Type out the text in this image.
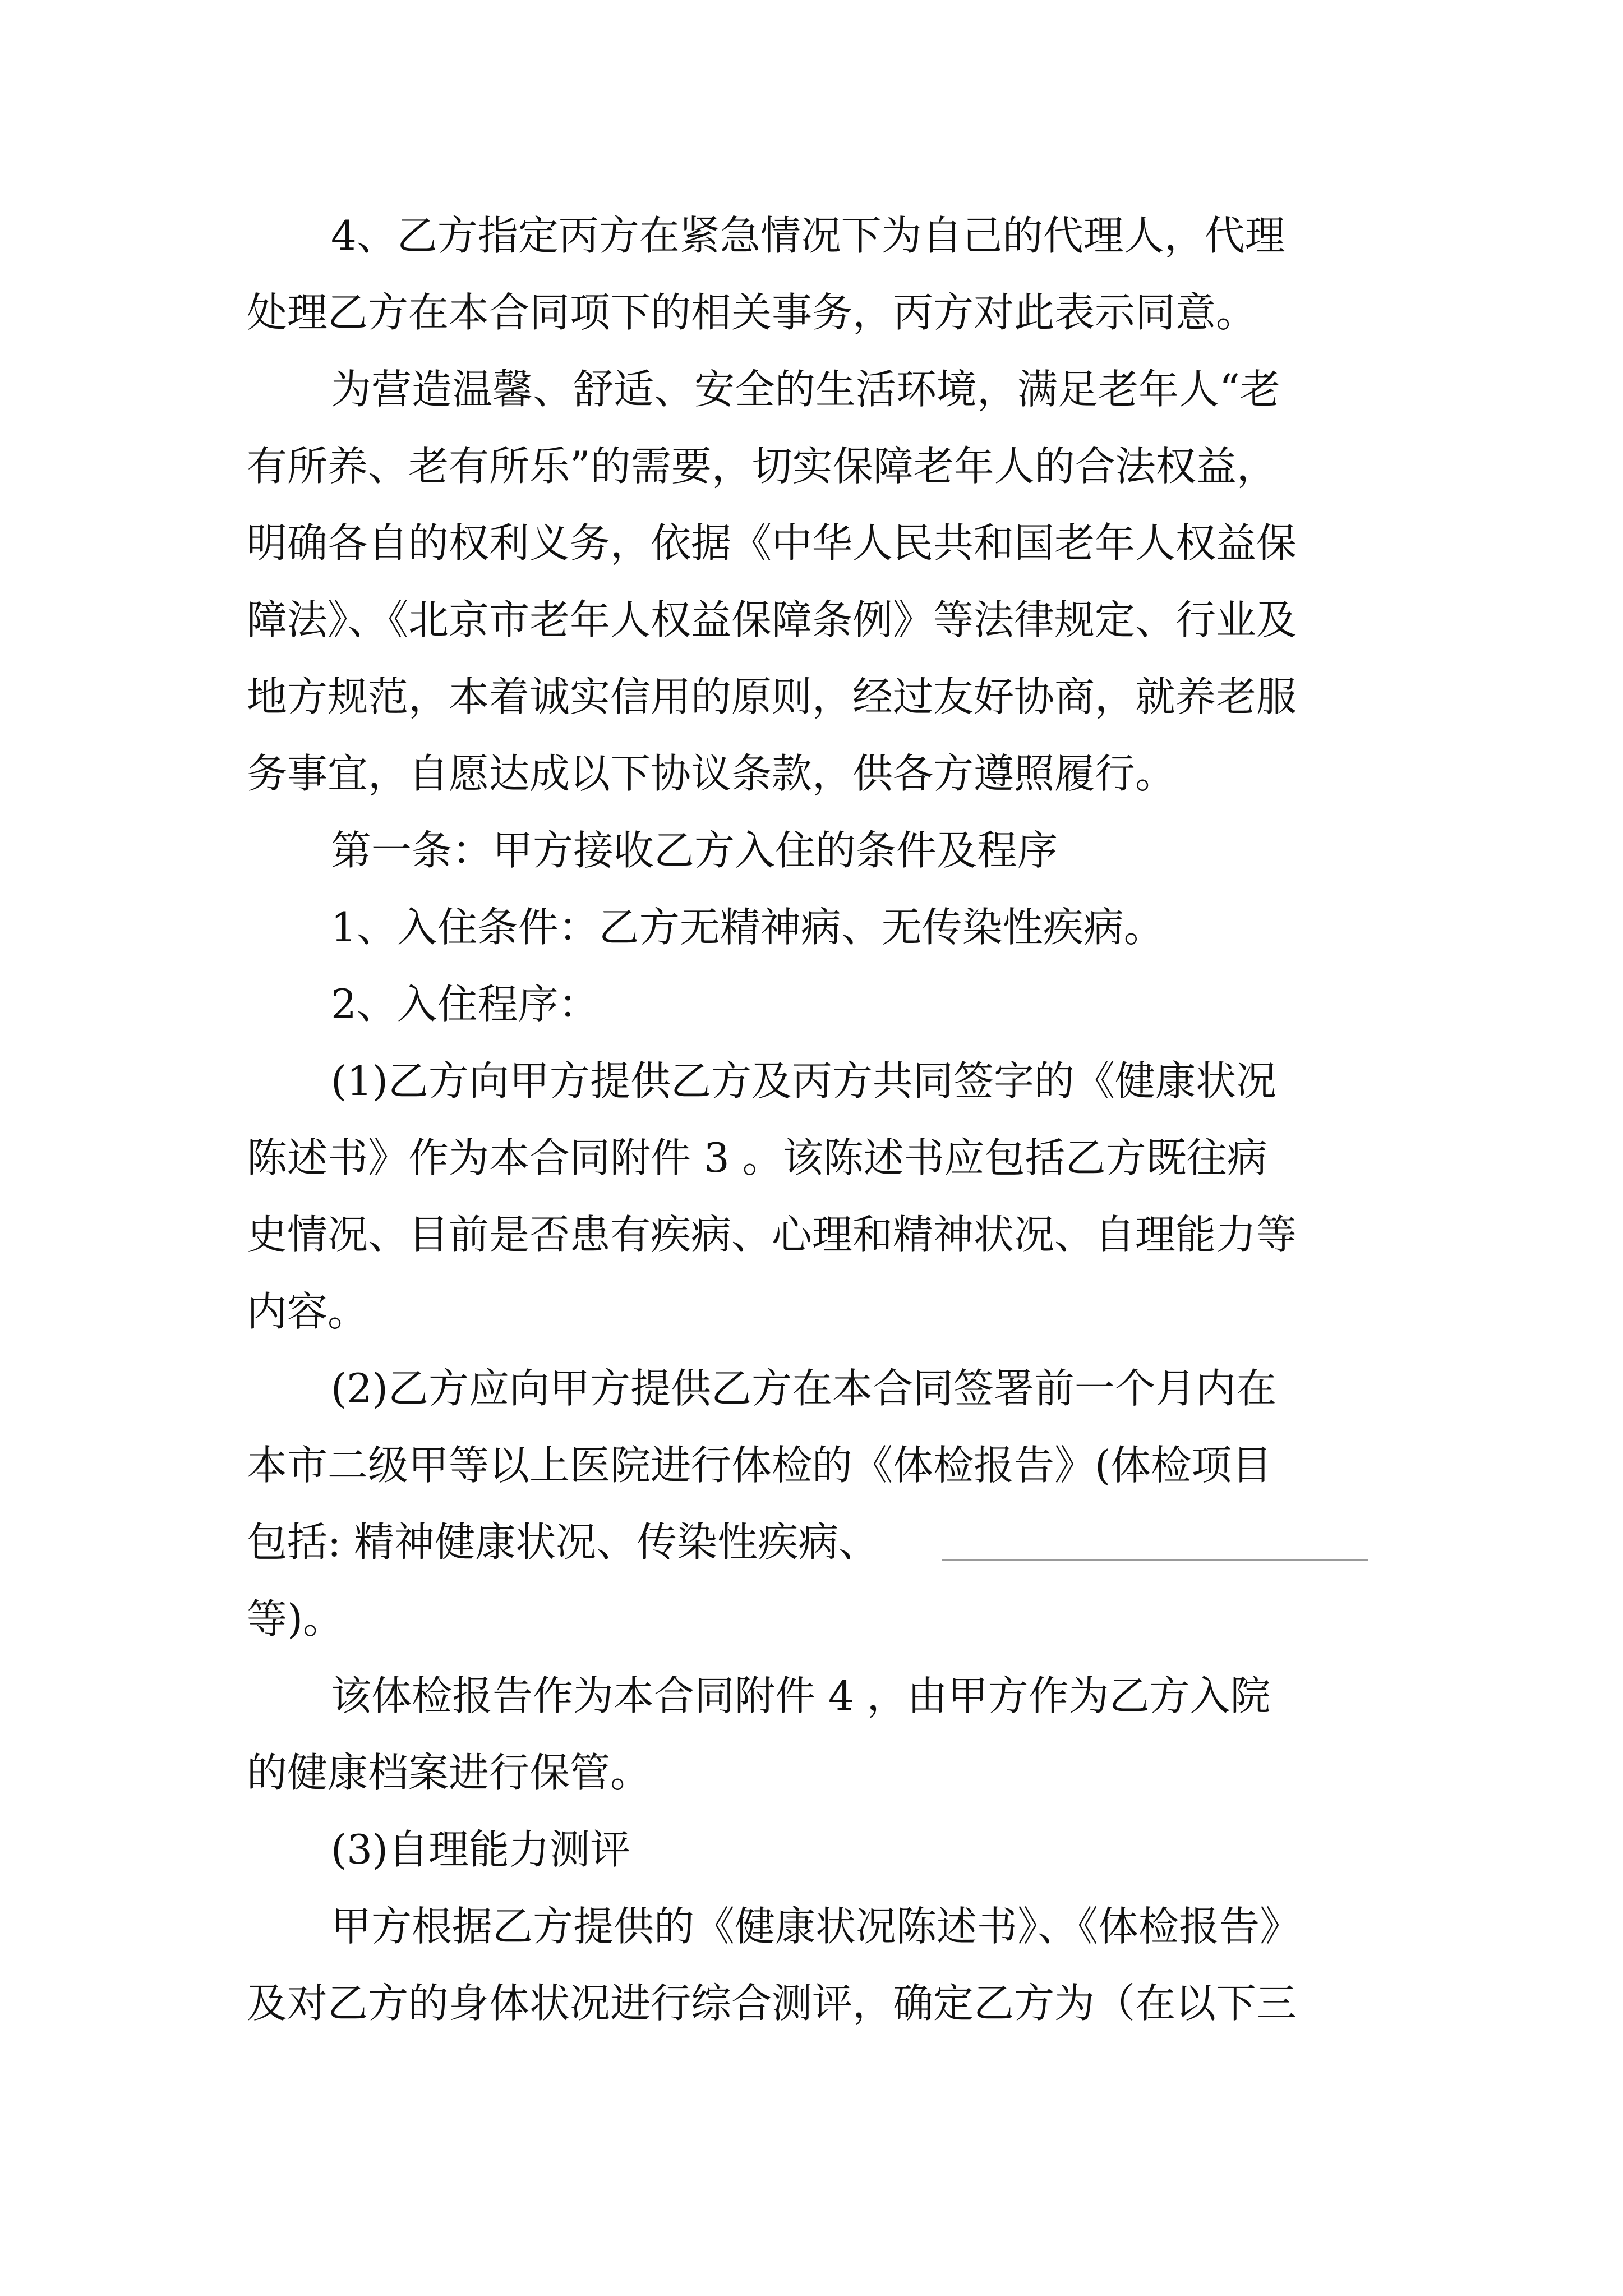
4、乙方指定丙方在紧急情况下为自己的代理人，代理
处理乙方在本合同项下的相关事务，丙方对此表示同意。
为营造温馨、舒适、安全的生活环境，满足老年人“老
有所养、老有所乐”的需要，切实保障老年人的合法权益，
明确各自的权利义务，依据《中华人民共和国老年人权益保
障法》、《北京市老年人权益保障条例》等法律规定、行业及
地方规范，本着诚实信用的原则，经过友好协商，就养老服
务事宜，自愿达成以下协议条款，供各方遵照履行。
第一条：甲方接收乙方入住的条件及程序
1、入住条件：乙方无精神病、无传染性疾病。
2、入住程序：
(1)乙方向甲方提供乙方及丙方共同签字的《健康状况
陈述书》作为本合同附件 3 。该陈述书应包括乙方既往病
史情况、目前是否患有疾病、心理和精神状况、自理能力等
内容。
(2)乙方应向甲方提供乙方在本合同签署前一个月内在
本市二级甲等以上医院进行体检的《体检报告》(体检项目
包括: 精神健康状况、传染性疾病、
等)。
该体检报告作为本合同附件 4 ，由甲方作为乙方入院
的健康档案进行保管。
(3)自理能力测评
甲方根据乙方提供的《健康状况陈述书》、《体检报告》
及对乙方的身体状况进行综合测评，确定乙方为（在以下三
